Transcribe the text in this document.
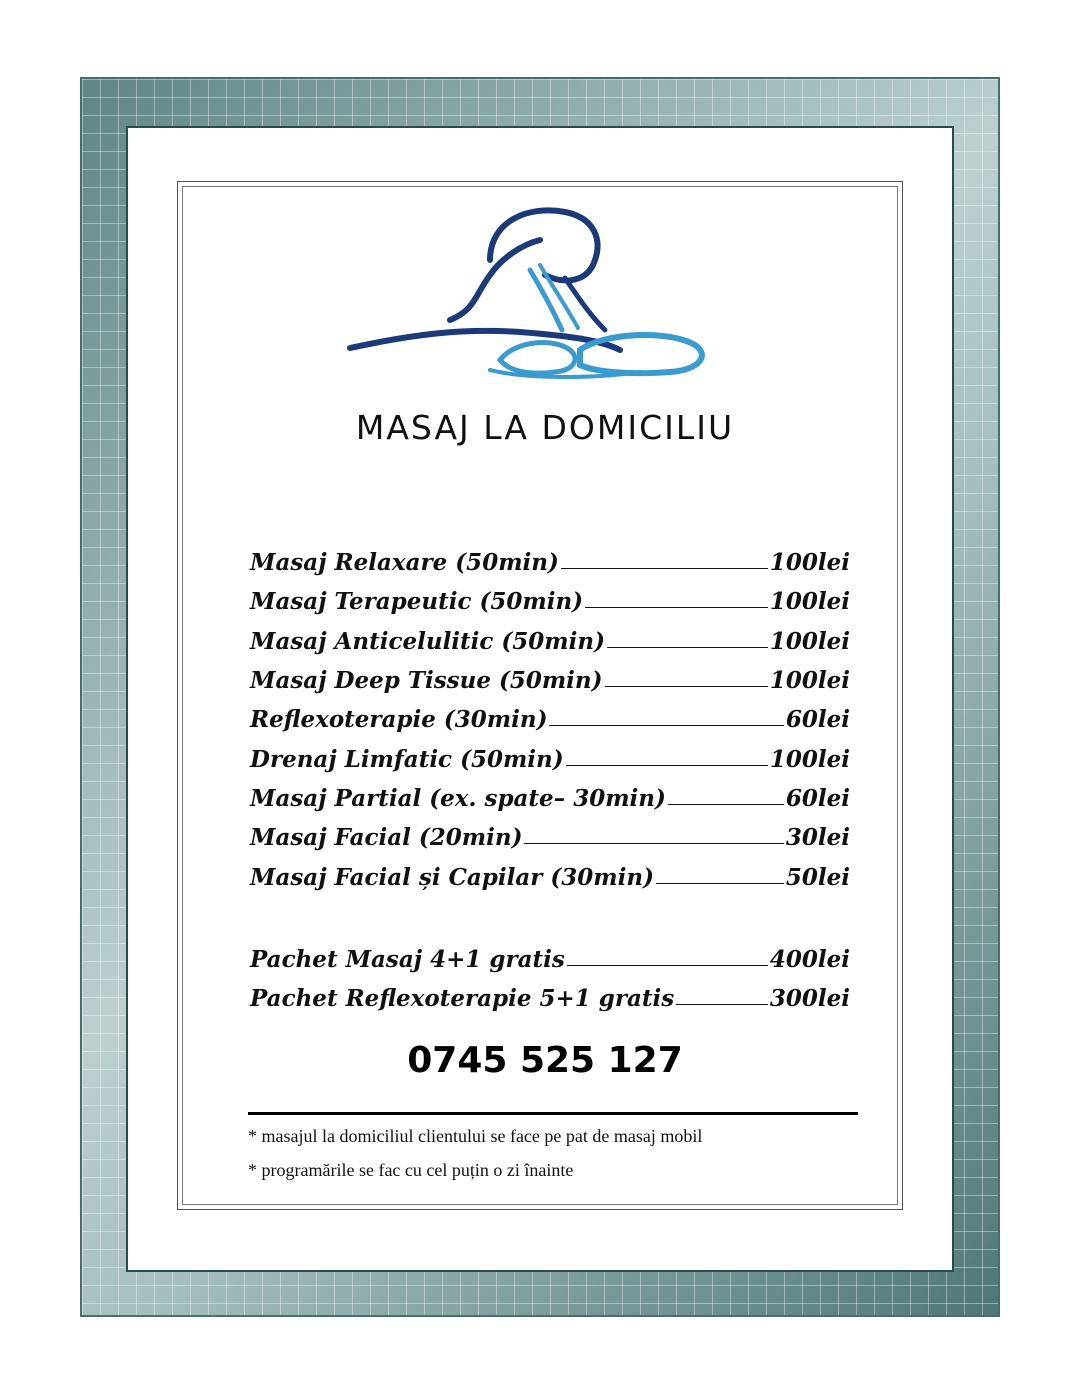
MASAJ LA DOMICILIU
Masaj Relaxare (50min)	100lei
Masaj Terapeutic (50min)	100lei
Masaj Anticelulitic (50min)	100lei
Masaj Deep Tissue (50min)	100lei
Reflexoterapie (30min)	60lei
Drenaj Limfatic (50min)	100lei
Masaj Partial (ex. spate– 30min)	60lei
Masaj Facial (20min)	30lei
Masaj Facial și Capilar (30min)	50lei
Pachet Masaj 4+1 gratis	400lei
Pachet Reflexoterapie 5+1 gratis	300lei
0745 525 127
* masajul la domiciliul clientului se face pe pat de masaj mobil
* programările se fac cu cel puțin o zi înainte
